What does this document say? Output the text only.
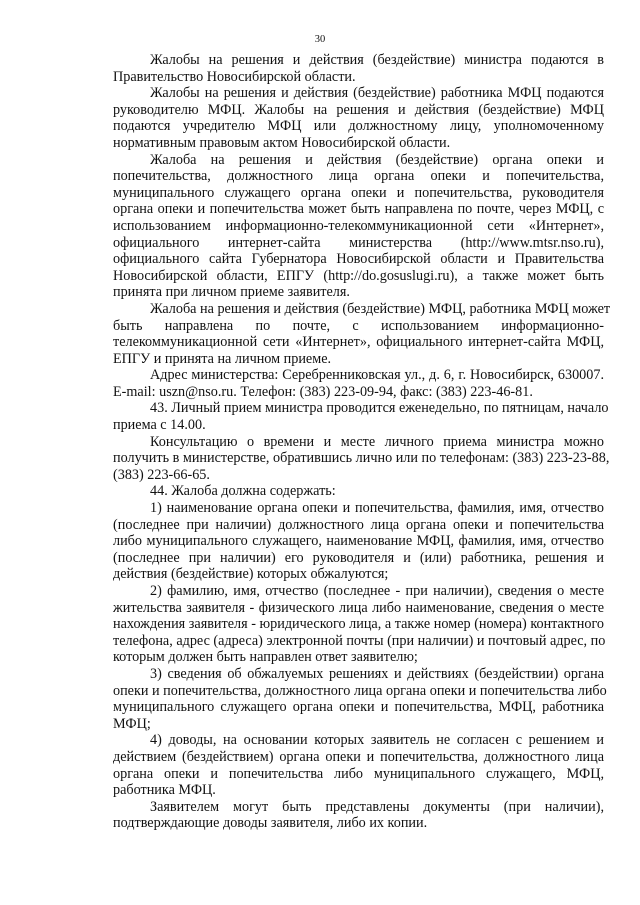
30
Жалобы на решения и действия (бездействие) министра подаются в
Правительство Новосибирской области.
Жалобы на решения и действия (бездействие) работника МФЦ подаются
руководителю МФЦ. Жалобы на решения и действия (бездействие) МФЦ
подаются учредителю МФЦ или должностному лицу, уполномоченному
нормативным правовым актом Новосибирской области.
Жалоба на решения и действия (бездействие) органа опеки и
попечительства, должностного лица органа опеки и попечительства,
муниципального служащего органа опеки и попечительства, руководителя
органа опеки и попечительства может быть направлена по почте, через МФЦ, с
использованием информационно-телекоммуникационной сети «Интернет»,
официального интернет-сайта министерства (http://www.mtsr.nso.ru),
официального сайта Губернатора Новосибирской области и Правительства
Новосибирской области, ЕПГУ (http://do.gosuslugi.ru), а также может быть
принята при личном приеме заявителя.
Жалоба на решения и действия (бездействие) МФЦ, работника МФЦ может
быть направлена по почте, с использованием информационно-
телекоммуникационной сети «Интернет», официального интернет-сайта МФЦ,
ЕПГУ и принята на личном приеме.
Адрес министерства: Серебренниковская ул., д. 6, г. Новосибирск, 630007.
E-mail: uszn@nso.ru. Телефон: (383) 223-09-94, факс: (383) 223-46-81.
43. Личный прием министра проводится еженедельно, по пятницам, начало
приема с 14.00.
Консультацию о времени и месте личного приема министра можно
получить в министерстве, обратившись лично или по телефонам: (383) 223-23-88,
(383) 223-66-65.
44. Жалоба должна содержать:
1) наименование органа опеки и попечительства, фамилия, имя, отчество
(последнее при наличии) должностного лица органа опеки и попечительства
либо муниципального служащего, наименование МФЦ, фамилия, имя, отчество
(последнее при наличии) его руководителя и (или) работника, решения и
действия (бездействие) которых обжалуются;
2) фамилию, имя, отчество (последнее - при наличии), сведения о месте
жительства заявителя - физического лица либо наименование, сведения о месте
нахождения заявителя - юридического лица, а также номер (номера) контактного
телефона, адрес (адреса) электронной почты (при наличии) и почтовый адрес, по
которым должен быть направлен ответ заявителю;
3) сведения об обжалуемых решениях и действиях (бездействии) органа
опеки и попечительства, должностного лица органа опеки и попечительства либо
муниципального служащего органа опеки и попечительства, МФЦ, работника
МФЦ;
4) доводы, на основании которых заявитель не согласен с решением и
действием (бездействием) органа опеки и попечительства, должностного лица
органа опеки и попечительства либо муниципального служащего, МФЦ,
работника МФЦ.
Заявителем могут быть представлены документы (при наличии),
подтверждающие доводы заявителя, либо их копии.
